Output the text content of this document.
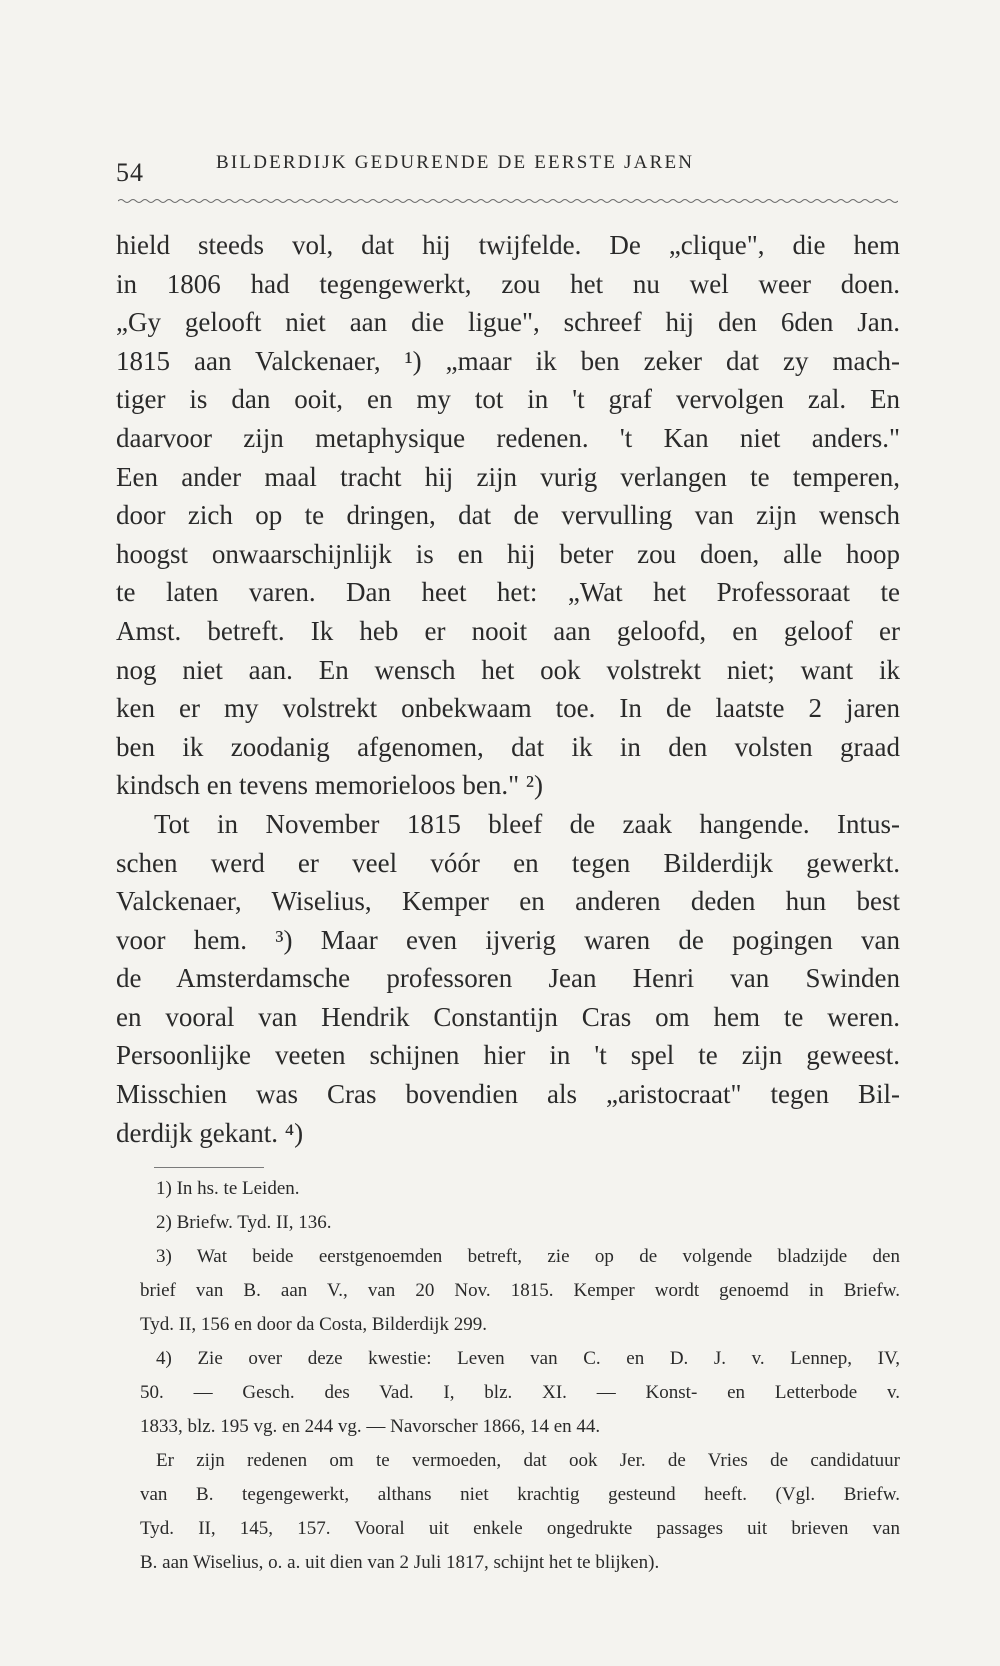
54	BILDERDIJK GEDURENDE DE EERSTE JAREN
hield steeds vol, dat hij twijfelde. De „clique", die hem
in 1806 had tegengewerkt, zou het nu wel weer doen.
„Gy gelooft niet aan die ligue", schreef hij den 6den Jan.
1815 aan Valckenaer, ¹) „maar ik ben zeker dat zy mach-
tiger is dan ooit, en my tot in 't graf vervolgen zal. En
daarvoor zijn metaphysique redenen. 't Kan niet anders."
Een ander maal tracht hij zijn vurig verlangen te temperen,
door zich op te dringen, dat de vervulling van zijn wensch
hoogst onwaarschijnlijk is en hij beter zou doen, alle hoop
te laten varen. Dan heet het: „Wat het Professoraat te
Amst. betreft. Ik heb er nooit aan geloofd, en geloof er
nog niet aan. En wensch het ook volstrekt niet; want ik
ken er my volstrekt onbekwaam toe. In de laatste 2 jaren
ben ik zoodanig afgenomen, dat ik in den volsten graad
kindsch en tevens memorieloos ben." ²)
Tot in November 1815 bleef de zaak hangende. Intus-
schen werd er veel vóór en tegen Bilderdijk gewerkt.
Valckenaer, Wiselius, Kemper en anderen deden hun best
voor hem. ³) Maar even ijverig waren de pogingen van
de Amsterdamsche professoren Jean Henri van Swinden
en vooral van Hendrik Constantijn Cras om hem te weren.
Persoonlijke veeten schijnen hier in 't spel te zijn geweest.
Misschien was Cras bovendien als „aristocraat" tegen Bil-
derdijk gekant. ⁴)
1) In hs. te Leiden.
2) Briefw. Tyd. II, 136.
3) Wat beide eerstgenoemden betreft, zie op de volgende bladzijde den
brief van B. aan V., van 20 Nov. 1815. Kemper wordt genoemd in Briefw.
Tyd. II, 156 en door da Costa, Bilderdijk 299.
4) Zie over deze kwestie: Leven van C. en D. J. v. Lennep, IV,
50. — Gesch. des Vad. I, blz. XI. — Konst- en Letterbode v.
1833, blz. 195 vg. en 244 vg. — Navorscher 1866, 14 en 44.
Er zijn redenen om te vermoeden, dat ook Jer. de Vries de candidatuur
van B. tegengewerkt, althans niet krachtig gesteund heeft. (Vgl. Briefw.
Tyd. II, 145, 157. Vooral uit enkele ongedrukte passages uit brieven van
B. aan Wiselius, o. a. uit dien van 2 Juli 1817, schijnt het te blijken).
